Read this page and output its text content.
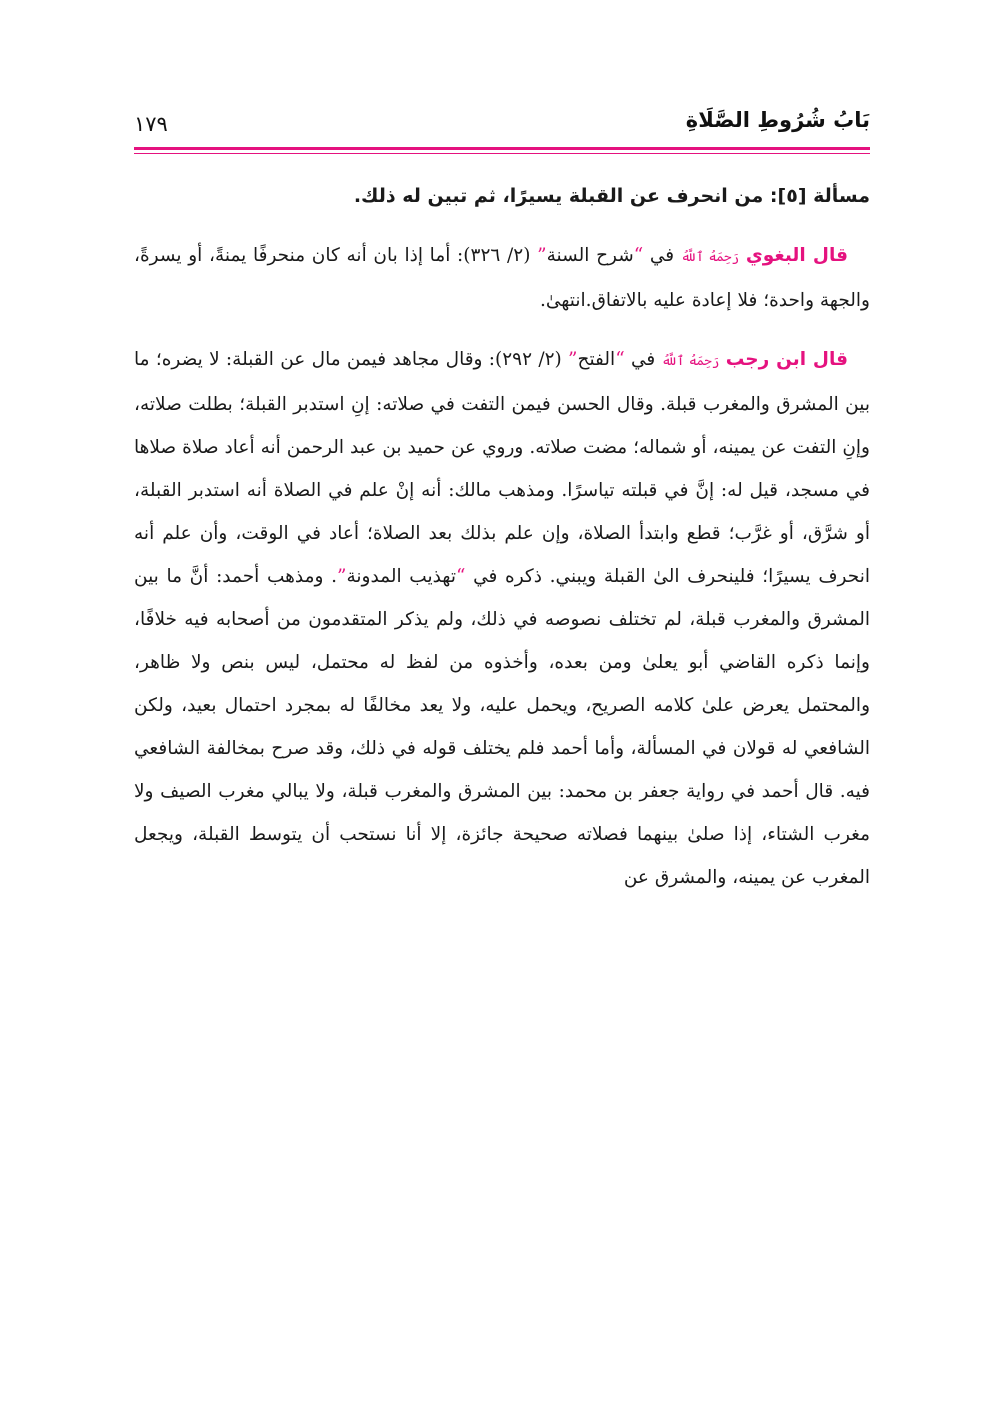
بَابُ شُرُوطِ الصَّلَاةِ
١٧٩
مسألة [٥]: من انحرف عن القبلة يسيرًا، ثم تبين له ذلك.

قال البغوي رَحِمَهُ ٱللَّهُ في “شرح السنة” (٢/ ٣٢٦): أما إذا بان أنه كان منحرفًا يمنةً، أو يسرةً، والجهة واحدة؛ فلا إعادة عليه بالاتفاق.انتهىٰ.

قال ابن رجب رَحِمَهُ ٱللَّهُ في “الفتح” (٢/ ٢٩٢): وقال مجاهد فيمن مال عن القبلة: لا يضره؛ ما بين المشرق والمغرب قبلة. وقال الحسن فيمن التفت في صلاته: إنِ استدبر القبلة؛ بطلت صلاته، وإنِ التفت عن يمينه، أو شماله؛ مضت صلاته. وروي عن حميد بن عبد الرحمن أنه أعاد صلاة صلاها في مسجد، قيل له: إنَّ في قبلته تياسرًا. ومذهب مالك: أنه إنْ علم في الصلاة أنه استدبر القبلة، أو شرَّق، أو غرَّب؛ قطع وابتدأ الصلاة، وإن علم بذلك بعد الصلاة؛ أعاد في الوقت، وأن علم أنه انحرف يسيرًا؛ فلينحرف الىٰ القبلة ويبني. ذكره في “تهذيب المدونة”. ومذهب أحمد: أنَّ ما بين المشرق والمغرب قبلة، لم تختلف نصوصه في ذلك، ولم يذكر المتقدمون من أصحابه فيه خلافًا، وإنما ذكره القاضي أبو يعلىٰ ومن بعده، وأخذوه من لفظ له محتمل، ليس بنص ولا ظاهر، والمحتمل يعرض علىٰ كلامه الصريح، ويحمل عليه، ولا يعد مخالفًا له بمجرد احتمال بعيد، ولكن الشافعي له قولان في المسألة، وأما أحمد فلم يختلف قوله في ذلك، وقد صرح بمخالفة الشافعي فيه. قال أحمد في رواية جعفر بن محمد: بين المشرق والمغرب قبلة، ولا يبالي مغرب الصيف ولا مغرب الشتاء، إذا صلىٰ بينهما فصلاته صحيحة جائزة، إلا أنا نستحب أن يتوسط القبلة، ويجعل المغرب عن يمينه، والمشرق عن
